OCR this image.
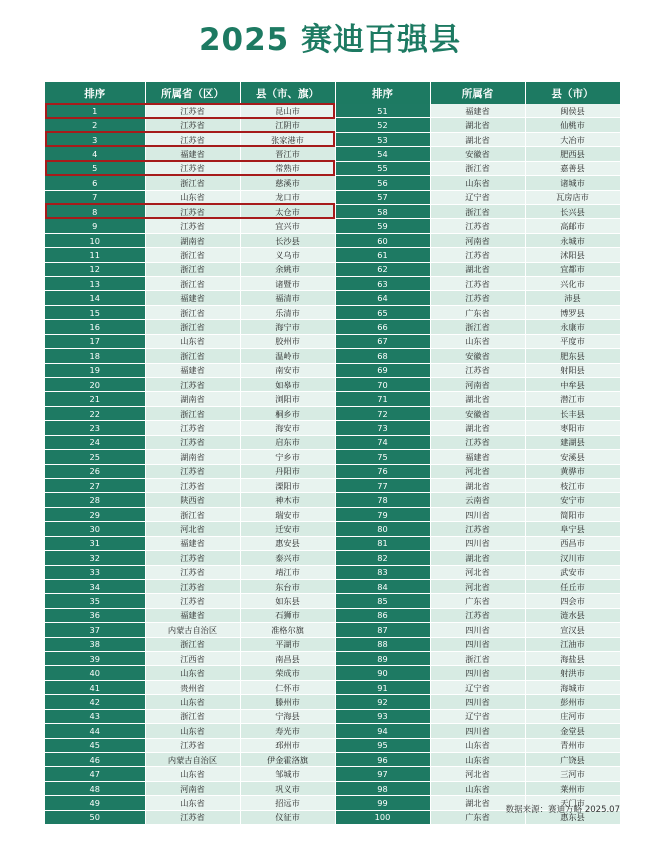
2025 赛迪百强县
排序	所属省（区）	县（市、旗）	排序	所属省	县（市）
1	江苏省	昆山市	51	福建省	闽侯县
2	江苏省	江阴市	52	湖北省	仙桃市
3	江苏省	张家港市	53	湖北省	大冶市
4	福建省	晋江市	54	安徽省	肥西县
5	江苏省	常熟市	55	浙江省	嘉善县
6	浙江省	慈溪市	56	山东省	诸城市
7	山东省	龙口市	57	辽宁省	瓦房店市
8	江苏省	太仓市	58	浙江省	长兴县
9	江苏省	宜兴市	59	江苏省	高邮市
10	湖南省	长沙县	60	河南省	永城市
11	浙江省	义乌市	61	江苏省	沭阳县
12	浙江省	余姚市	62	湖北省	宜都市
13	浙江省	诸暨市	63	江苏省	兴化市
14	福建省	福清市	64	江苏省	沛县
15	浙江省	乐清市	65	广东省	博罗县
16	浙江省	海宁市	66	浙江省	永康市
17	山东省	胶州市	67	山东省	平度市
18	浙江省	温岭市	68	安徽省	肥东县
19	福建省	南安市	69	江苏省	射阳县
20	江苏省	如皋市	70	河南省	中牟县
21	湖南省	浏阳市	71	湖北省	潜江市
22	浙江省	桐乡市	72	安徽省	长丰县
23	江苏省	海安市	73	湖北省	枣阳市
24	江苏省	启东市	74	江苏省	建湖县
25	湖南省	宁乡市	75	福建省	安溪县
26	江苏省	丹阳市	76	河北省	黄骅市
27	江苏省	溧阳市	77	湖北省	枝江市
28	陕西省	神木市	78	云南省	安宁市
29	浙江省	瑞安市	79	四川省	简阳市
30	河北省	迁安市	80	江苏省	阜宁县
31	福建省	惠安县	81	四川省	西昌市
32	江苏省	泰兴市	82	湖北省	汉川市
33	江苏省	靖江市	83	河北省	武安市
34	江苏省	东台市	84	河北省	任丘市
35	江苏省	如东县	85	广东省	四会市
36	福建省	石狮市	86	江苏省	涟水县
37	内蒙古自治区	准格尔旗	87	四川省	宣汉县
38	浙江省	平湖市	88	四川省	江油市
39	江西省	南昌县	89	浙江省	海盐县
40	山东省	荣成市	90	四川省	射洪市
41	贵州省	仁怀市	91	辽宁省	海城市
42	山东省	滕州市	92	四川省	彭州市
43	浙江省	宁海县	93	辽宁省	庄河市
44	山东省	寿光市	94	四川省	金堂县
45	江苏省	邳州市	95	山东省	青州市
46	内蒙古自治区	伊金霍洛旗	96	山东省	广饶县
47	山东省	邹城市	97	河北省	三河市
48	河南省	巩义市	98	山东省	莱州市
49	山东省	招远市	99	湖北省	天门市
50	江苏省	仪征市	100	广东省	惠东县
数据来源：赛迪方略 2025.07
